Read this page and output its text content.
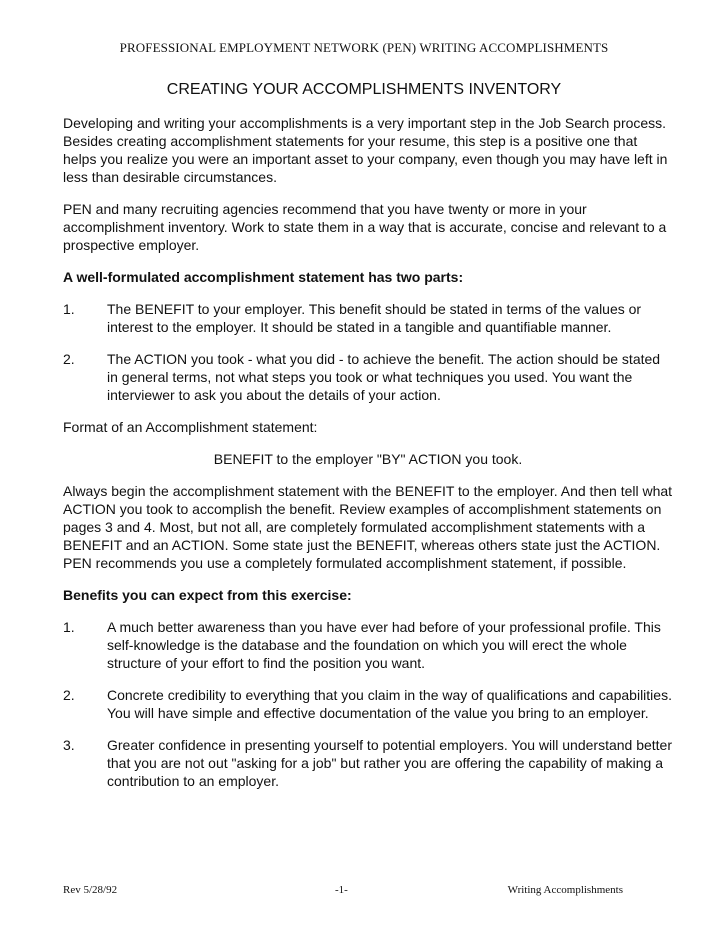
PROFESSIONAL EMPLOYMENT NETWORK (PEN) WRITING ACCOMPLISHMENTS
CREATING YOUR ACCOMPLISHMENTS INVENTORY

Developing and writing your accomplishments is a very important step in the Job Search process. Besides creating accomplishment statements for your resume, this step is a positive one that helps you realize you were an important asset to your company, even though you may have left in less than desirable circumstances.

PEN and many recruiting agencies recommend that you have twenty or more in your accomplishment inventory. Work to state them in a way that is accurate, concise and relevant to a prospective employer.

A well-formulated accomplishment statement has two parts:

1.	The BENEFIT to your employer. This benefit should be stated in terms of the values or interest to the employer. It should be stated in a tangible and quantifiable manner.
2.	The ACTION you took - what you did - to achieve the benefit. The action should be stated in general terms, not what steps you took or what techniques you used. You want the interviewer to ask you about the details of your action.

Format of an Accomplishment statement:

BENEFIT to the employer "BY" ACTION you took.

Always begin the accomplishment statement with the BENEFIT to the employer. And then tell what ACTION you took to accomplish the benefit. Review examples of accomplishment statements on pages 3 and 4. Most, but not all, are completely formulated accomplishment statements with a BENEFIT and an ACTION. Some state just the BENEFIT, whereas others state just the ACTION. PEN recommends you use a completely formulated accomplishment statement, if possible.

Benefits you can expect from this exercise:

1.	A much better awareness than you have ever had before of your professional profile. This self-knowledge is the database and the foundation on which you will erect the whole structure of your effort to find the position you want.
2.	Concrete credibility to everything that you claim in the way of qualifications and capabilities. You will have simple and effective documentation of the value you bring to an employer.
3.	Greater confidence in presenting yourself to potential employers. You will understand better that you are not out "asking for a job" but rather you are offering the capability of making a contribution to an employer.
Rev 5/28/92	-1-	Writing Accomplishments
